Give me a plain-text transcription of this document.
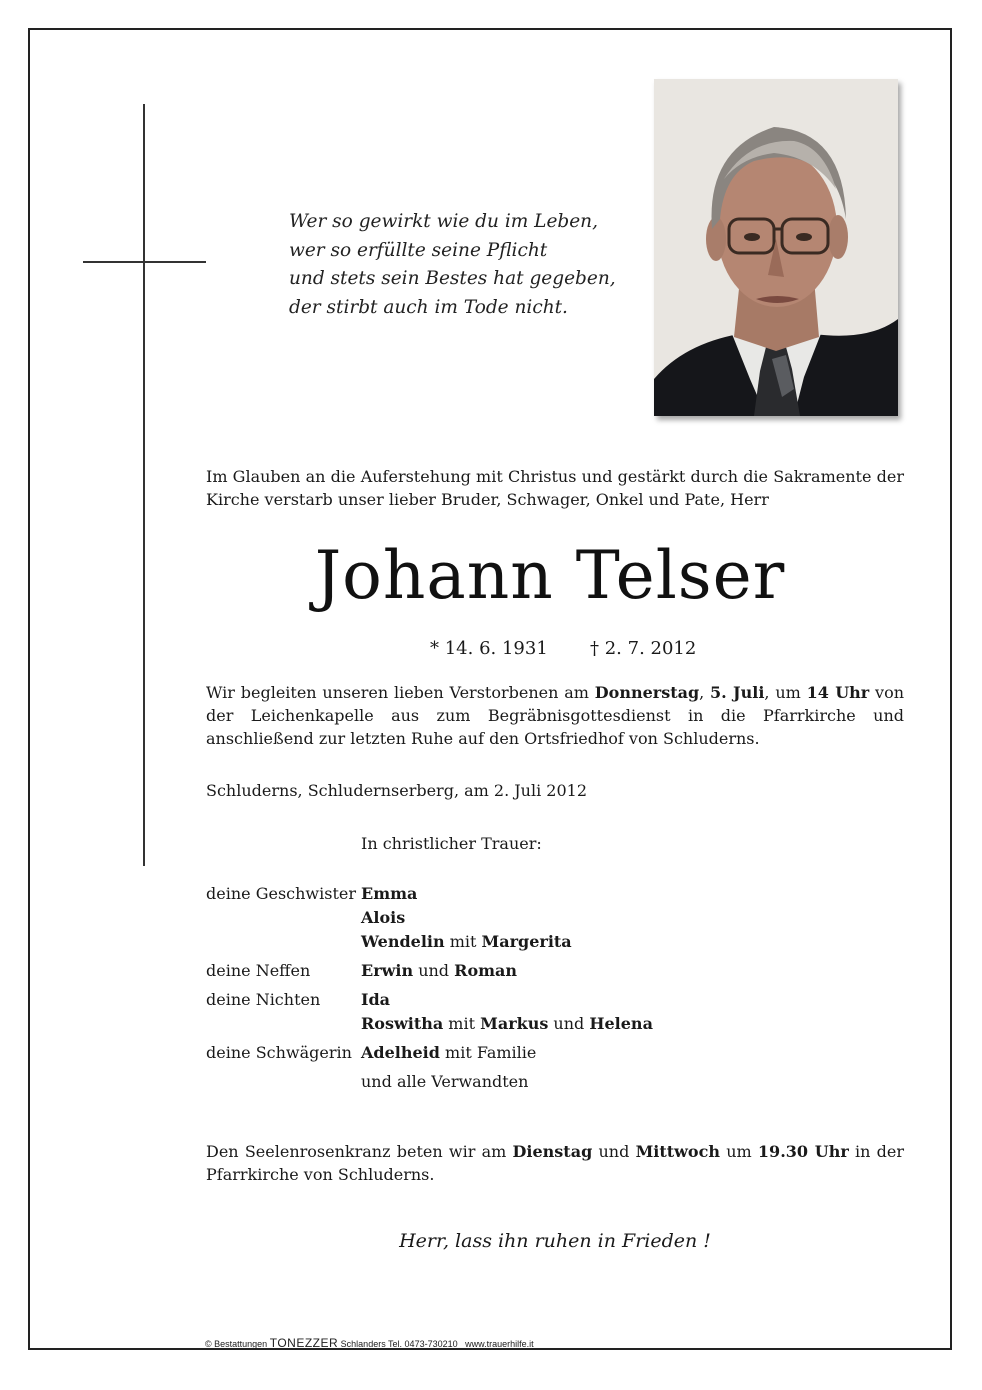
Wer so gewirkt wie du im Leben,
wer so erfüllte seine Pflicht
und stets sein Bestes hat gegeben,
der stirbt auch im Tode nicht.
Im Glauben an die Auferstehung mit Christus und gestärkt durch die Sakramente der Kirche verstarb unser lieber Bruder, Schwager, Onkel und Pate, Herr
Johann Telser
* 14. 6. 1931 † 2. 7. 2012
Wir begleiten unseren lieben Verstorbenen am Donnerstag, 5. Juli, um 14 Uhr von der Leichenkapelle aus zum Begräbnisgottesdienst in die Pfarrkirche und anschließend zur letzten Ruhe auf den Ortsfriedhof von Schluderns.
Schluderns, Schludernserberg, am 2. Juli 2012
In christlicher Trauer:
deine Geschwister Emma
Alois
Wendelin mit Margerita
deine Neffen	Erwin und Roman
deine Nichten	Ida
Roswitha mit Markus und Helena
deine Schwägerin Adelheid mit Familie
und alle Verwandten
Den Seelenrosenkranz beten wir am Dienstag und Mittwoch um 19.30 Uhr in der Pfarrkirche von Schluderns.
Herr, lass ihn ruhen in Frieden !
© Bestattungen TONEZZER Schlanders Tel. 0473-730210 www.trauerhilfe.it
